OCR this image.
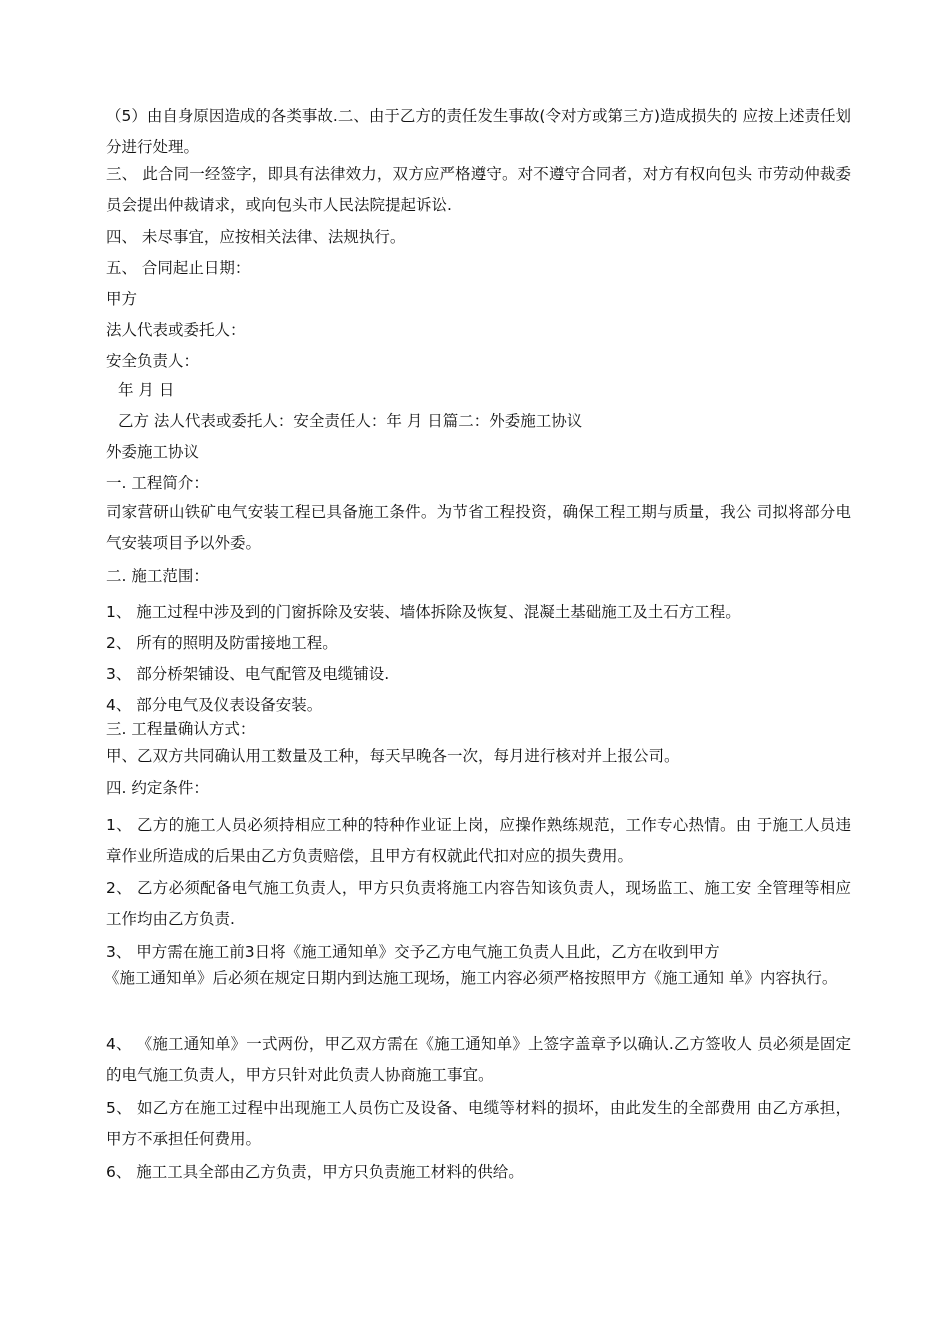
（5）由自身原因造成的各类事故.二、由于乙方的责任发生事故(令对方或第三方)造成损失的 应按上述责任划分进行处理。
三、 此合同一经签字，即具有法律效力，双方应严格遵守。对不遵守合同者，对方有权向包头 市劳动仲裁委员会提出仲裁请求，或向包头市人民法院提起诉讼.
四、 未尽事宜，应按相关法律、法规执行。
五、 合同起止日期：
甲方
法人代表或委托人：
安全负责人：
年 月 日
乙方 法人代表或委托人：安全责任人：年 月 日篇二：外委施工协议
外委施工协议
一. 工程简介：
司家营研山铁矿电气安装工程已具备施工条件。为节省工程投资，确保工程工期与质量，我公 司拟将部分电气安装项目予以外委。
二. 施工范围：
1、 施工过程中涉及到的门窗拆除及安装、墙体拆除及恢复、混凝土基础施工及土石方工程。
2、 所有的照明及防雷接地工程。
3、 部分桥架铺设、电气配管及电缆铺设.
4、 部分电气及仪表设备安装。
三. 工程量确认方式：
甲、乙双方共同确认用工数量及工种，每天早晚各一次，每月进行核对并上报公司。
四. 约定条件：
1、 乙方的施工人员必须持相应工种的特种作业证上岗，应操作熟练规范，工作专心热情。由 于施工人员违章作业所造成的后果由乙方负责赔偿，且甲方有权就此代扣对应的损失费用。
2、 乙方必须配备电气施工负责人，甲方只负责将施工内容告知该负责人，现场监工、施工安 全管理等相应工作均由乙方负责.
3、 甲方需在施工前3日将《施工通知单》交予乙方电气施工负责人且此，乙方在收到甲方
《施工通知单》后必须在规定日期内到达施工现场，施工内容必须严格按照甲方《施工通知 单》内容执行。
4、 《施工通知单》一式两份，甲乙双方需在《施工通知单》上签字盖章予以确认.乙方签收人 员必须是固定的电气施工负责人，甲方只针对此负责人协商施工事宜。
5、 如乙方在施工过程中出现施工人员伤亡及设备、电缆等材料的损坏，由此发生的全部费用 由乙方承担，甲方不承担任何费用。
6、 施工工具全部由乙方负责，甲方只负责施工材料的供给。
